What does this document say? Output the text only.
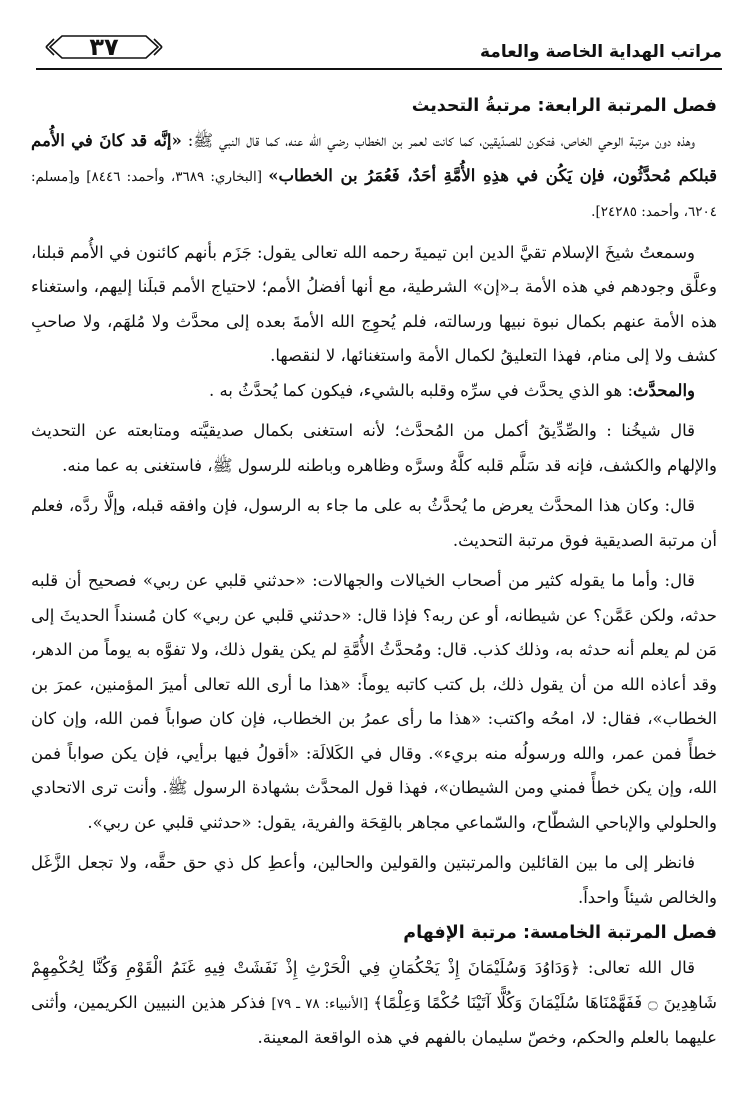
٣٧	مراتب الهداية الخاصة والعامة
فصل المرتبة الرابعة: مرتبةُ التحديث

وهذه دون مرتبة الوحي الخاص، فتكون للصدّيقين، كما كانت لعمر بن الخطاب رضي الله عنه، كما قال النبي ﷺ: «إنَّه قد كانَ في الأُمم قبلكم مُحدَّثُون، فإن يَكُن في هذِهِ الأُمَّةِ أحَدٌ، فَعُمَرُ بن الخطاب» [البخاري: ٣٦٨٩، وأحمد: ٨٤٤٦] و[مسلم: ٦٢٠٤، وأحمد: ٢٤٢٨٥].

وسمعتُ شيخَ الإسلام تقيَّ الدين ابن تيميةَ رحمه الله تعالى يقول: جَزَم بأنهم كائنون في الأُمم قبلنا، وعلَّق وجودهم في هذه الأمة بـ«إن» الشرطية، مع أنها أفضلُ الأمم؛ لاحتياج الأمم قبلَنا إليهم، واستغناء هذه الأمة عنهم بكمال نبوة نبيها ورسالته، فلم يُحوِج الله الأمةَ بعده إلى محدَّث ولا مُلهَم، ولا صاحبِ كشف ولا إلى منام، فهذا التعليقُ لكمال الأمة واستغنائها، لا لنقصها.

والمحدَّث: هو الذي يحدَّث في سرِّه وقلبه بالشيء، فيكون كما يُحدَّثُ به .

قال شيخُنا : والصِّدِّيقُ أكمل من المُحدَّث؛ لأنه استغنى بكمال صديقيَّته ومتابعته عن التحديث والإلهام والكشف، فإنه قد سَلَّم قلبه كلَّهُ وسرَّه وظاهره وباطنه للرسول ﷺ، فاستغنى به عما منه.

قال: وكان هذا المحدَّث يعرض ما يُحدَّثُ به على ما جاء به الرسول، فإن وافقه قبله، وإلَّا ردَّه، فعلم أن مرتبة الصديقية فوق مرتبة التحديث.

قال: وأما ما يقوله كثير من أصحاب الخيالات والجهالات: «حدثني قلبي عن ربي» فصحيح أن قلبه حدثه، ولكن عَمَّن؟ عن شيطانه، أو عن ربه؟ فإذا قال: «حدثني قلبي عن ربي» كان مُسنداً الحديثَ إلى مَن لم يعلم أنه حدثه به، وذلك كذب. قال: ومُحدَّثُ الأُمَّةِ لم يكن يقول ذلك، ولا تفوَّه به يوماً من الدهر، وقد أعاذه الله من أن يقول ذلك، بل كتب كاتبه يوماً: «هذا ما أرى الله تعالى أميرَ المؤمنين، عمرَ بن الخطاب»، فقال: لا، امحُه واكتب: «هذا ما رأى عمرُ بن الخطاب، فإن كان صواباً فمن الله، وإن كان خطأً فمن عمر، والله ورسولُه منه بريء». وقال في الكَلالَة: «أقولُ فيها برأيي، فإن يكن صواباً فمن الله، وإن يكن خطأً فمني ومن الشيطان»، فهذا قول المحدَّث بشهادة الرسول ﷺ. وأنت ترى الاتحادي والحلولي والإباحي الشطّاح، والسّماعي مجاهر بالقِحَة والفرية، يقول: «حدثني قلبي عن ربي».

فانظر إلى ما بين القائلين والمرتبتين والقولين والحالين، وأعطِ كل ذي حق حقَّه، ولا تجعل الزَّغَل والخالص شيئاً واحداً.

فصل المرتبة الخامسة: مرتبة الإفهام

قال الله تعالى: ﴿وَدَاوُدَ وَسُلَيْمَانَ إِذْ يَحْكُمَانِ فِي الْحَرْثِ إِذْ نَفَشَتْ فِيهِ غَنَمُ الْقَوْمِ وَكُنَّا لِحُكْمِهِمْ شَاهِدِينَ ۝ فَفَهَّمْنَاهَا سُلَيْمَانَ وَكُلًّا آتَيْنَا حُكْمًا وَعِلْمًا﴾ [الأنبياء: ٧٨ ـ ٧٩] فذكر هذين النبيين الكريمين، وأثنى عليهما بالعلم والحكم، وخصّ سليمان بالفهم في هذه الواقعة المعينة.
